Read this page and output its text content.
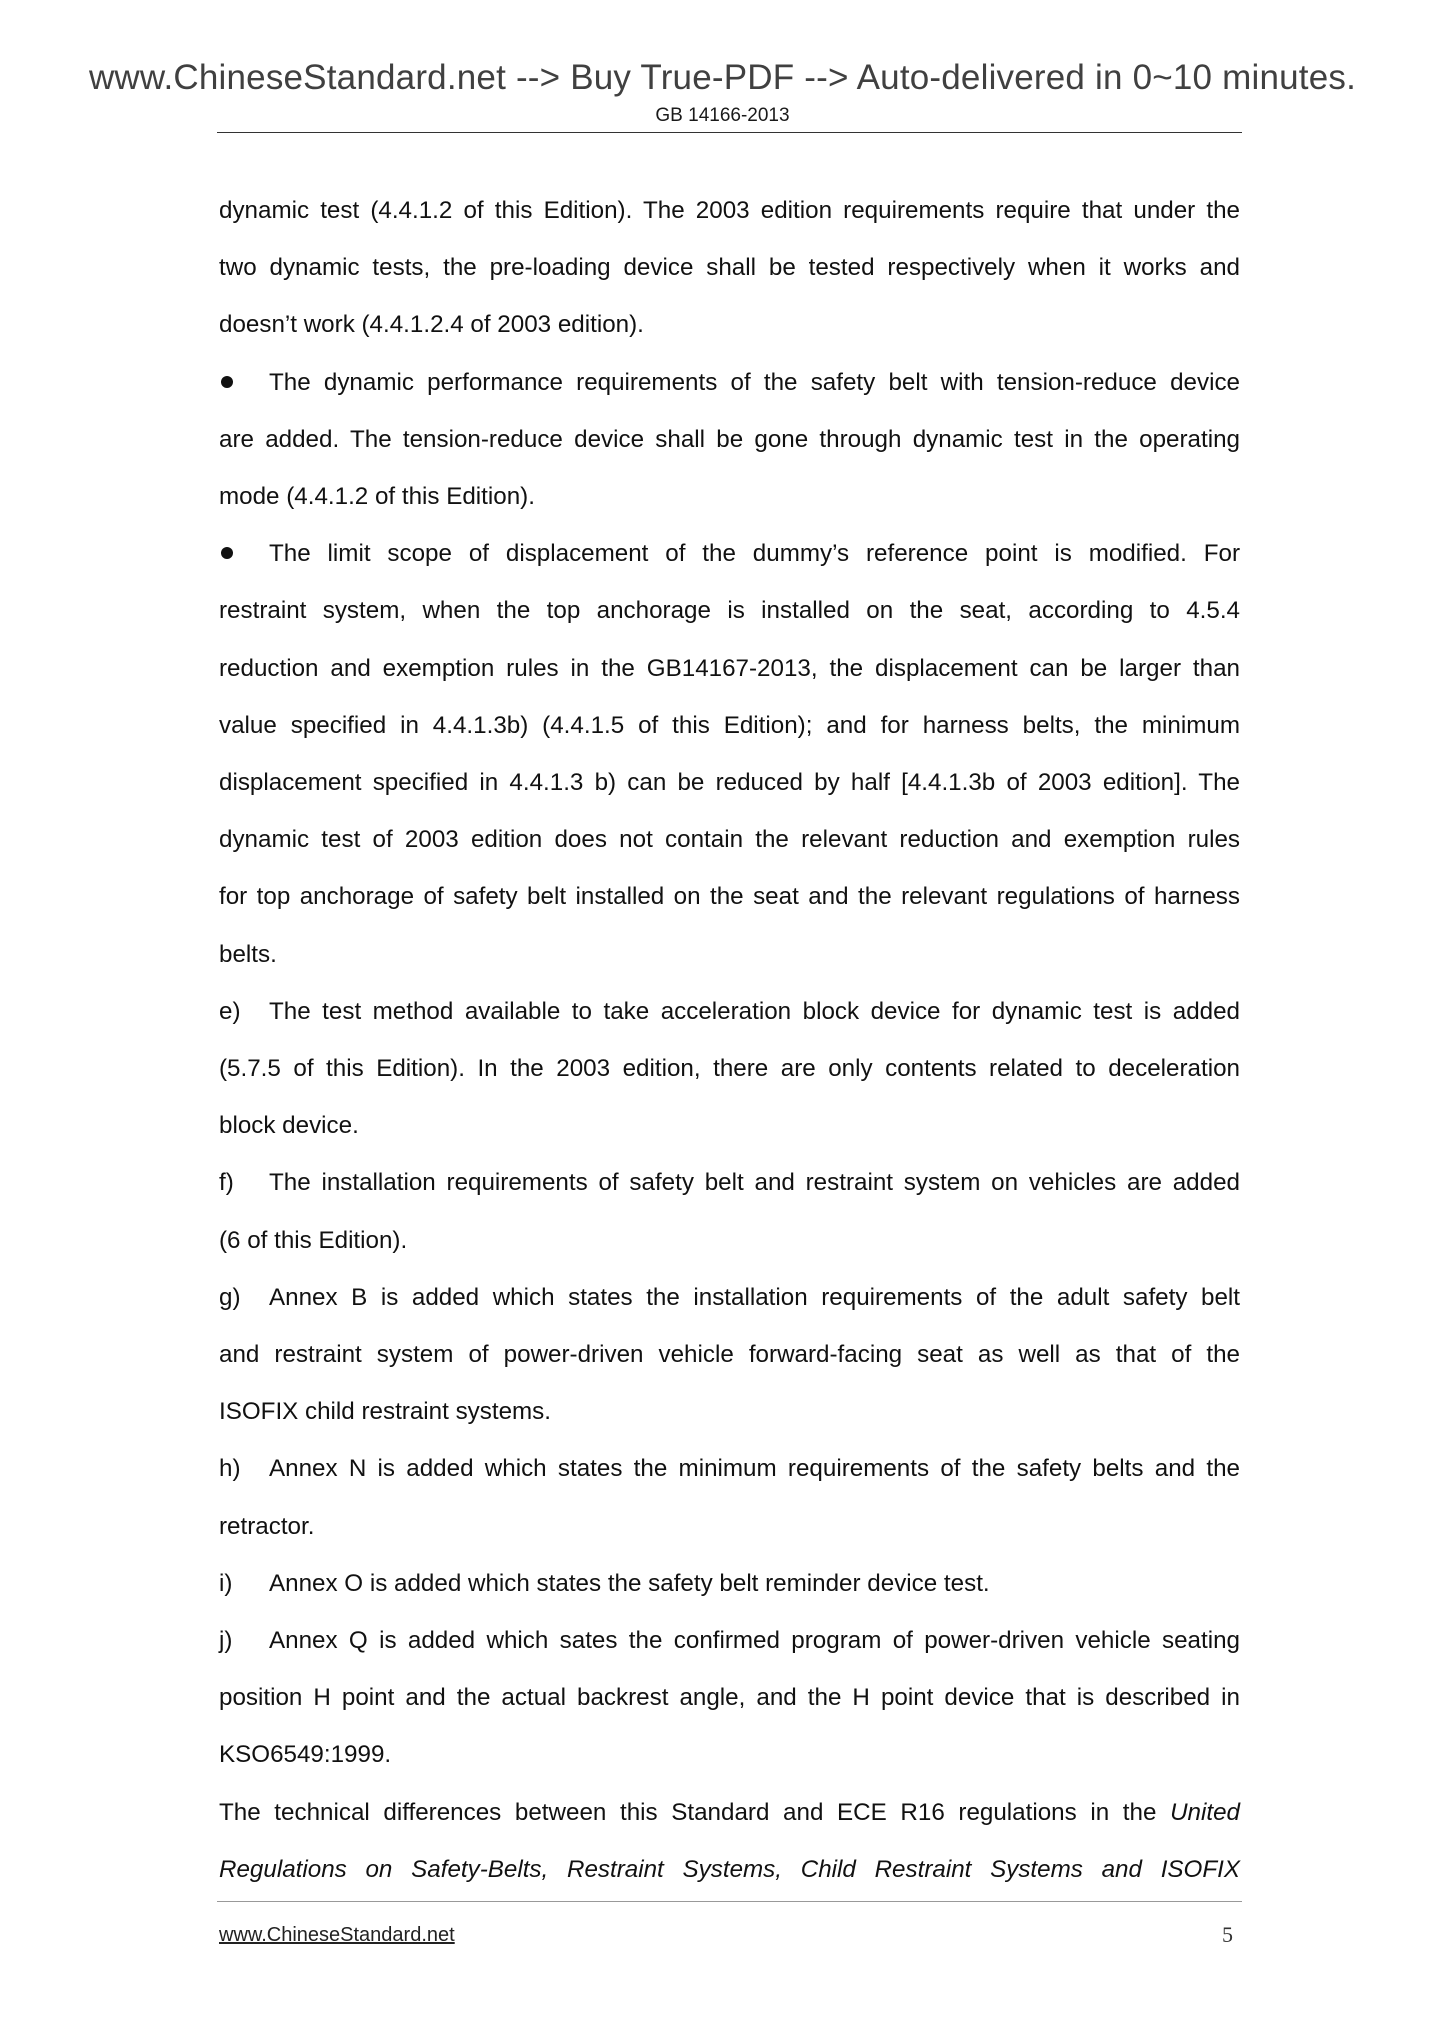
www.ChineseStandard.net --> Buy True-PDF --> Auto-delivered in 0~10 minutes.
GB 14166-2013
dynamic test (4.4.1.2 of this Edition). The 2003 edition requirements require that under the
two dynamic tests, the pre-loading device shall be tested respectively when it works and
doesn’t work (4.4.1.2.4 of 2003 edition).
The dynamic performance requirements of the safety belt with tension-reduce device
are added. The tension-reduce device shall be gone through dynamic test in the operating
mode (4.4.1.2 of this Edition).
The limit scope of displacement of the dummy’s reference point is modified. For
restraint system, when the top anchorage is installed on the seat, according to 4.5.4
reduction and exemption rules in the GB14167-2013, the displacement can be larger than
value specified in 4.4.1.3b) (4.4.1.5 of this Edition); and for harness belts, the minimum
displacement specified in 4.4.1.3 b) can be reduced by half [4.4.1.3b of 2003 edition]. The
dynamic test of 2003 edition does not contain the relevant reduction and exemption rules
for top anchorage of safety belt installed on the seat and the relevant regulations of harness
belts.
e) The test method available to take acceleration block device for dynamic test is added
(5.7.5 of this Edition). In the 2003 edition, there are only contents related to deceleration
block device.
f) The installation requirements of safety belt and restraint system on vehicles are added
(6 of this Edition).
g) Annex B is added which states the installation requirements of the adult safety belt
and restraint system of power-driven vehicle forward-facing seat as well as that of the
ISOFIX child restraint systems.
h) Annex N is added which states the minimum requirements of the safety belts and the
retractor.
i) Annex O is added which states the safety belt reminder device test.
j) Annex Q is added which sates the confirmed program of power-driven vehicle seating
position H point and the actual backrest angle, and the H point device that is described in
KSO6549:1999.
The technical differences between this Standard and ECE R16 regulations in the United
Regulations on Safety-Belts, Restraint Systems, Child Restraint Systems and ISOFIX
www.ChineseStandard.net	5
